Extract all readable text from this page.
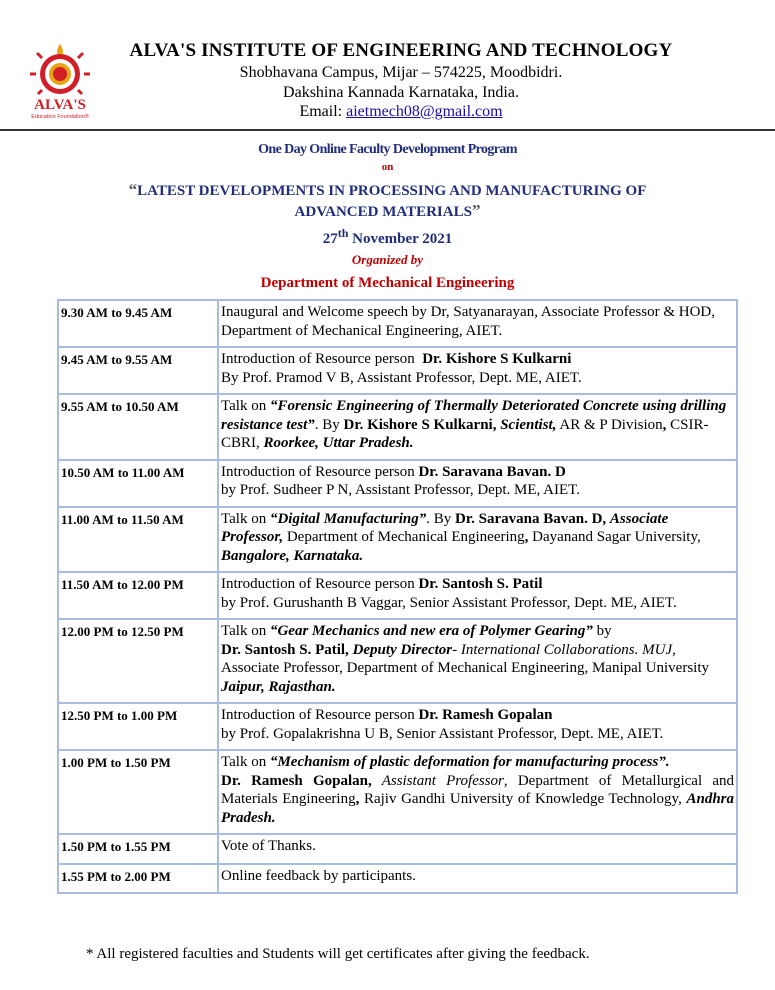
ALVA'S
Education Foundation®
ALVA'S INSTITUTE OF ENGINEERING AND TECHNOLOGY
Shobhavana Campus, Mijar – 574225, Moodbidri.
Dakshina Kannada Karnataka, India.
Email: aietmech08@gmail.com
One Day Online Faculty Development Program
on
“LATEST DEVELOPMENTS IN PROCESSING AND MANUFACTURING OF
ADVANCED MATERIALS”
27th November 2021
Organized by
Department of Mechanical Engineering
9.30 AM to 9.45 AM	Inaugural and Welcome speech by Dr, Satyanarayan, Associate Professor & HOD, Department of Mechanical Engineering, AIET.
9.45 AM to 9.55 AM	Introduction of Resource person  Dr. Kishore S Kulkarni
By Prof. Pramod V B, Assistant Professor, Dept. ME, AIET.
9.55 AM to 10.50 AM	Talk on “Forensic Engineering of Thermally Deteriorated Concrete using drilling resistance test”. By Dr. Kishore S Kulkarni, Scientist, AR & P Division, CSIR-CBRI, Roorkee, Uttar Pradesh.
10.50 AM to 11.00 AM	Introduction of Resource person Dr. Saravana Bavan. D
by Prof. Sudheer P N, Assistant Professor, Dept. ME, AIET.
11.00 AM to 11.50 AM	Talk on “Digital Manufacturing”. By Dr. Saravana Bavan. D, Associate Professor, Department of Mechanical Engineering, Dayanand Sagar University, Bangalore, Karnataka.
11.50 AM to 12.00 PM	Introduction of Resource person Dr. Santosh S. Patil
by Prof. Gurushanth B Vaggar, Senior Assistant Professor, Dept. ME, AIET.
12.00 PM to 12.50 PM	Talk on “Gear Mechanics and new era of Polymer Gearing” by
Dr. Santosh S. Patil, Deputy Director- International Collaborations. MUJ, Associate Professor, Department of Mechanical Engineering, Manipal University Jaipur, Rajasthan.
12.50 PM to 1.00 PM	Introduction of Resource person Dr. Ramesh Gopalan
by Prof. Gopalakrishna U B, Senior Assistant Professor, Dept. ME, AIET.
1.00 PM to 1.50 PM	Talk on “Mechanism of plastic deformation for manufacturing process”.
Dr. Ramesh Gopalan, Assistant Professor, Department of Metallurgical and Materials Engineering, Rajiv Gandhi University of Knowledge Technology, Andhra Pradesh.
1.50 PM to 1.55 PM	Vote of Thanks.
1.55 PM to 2.00 PM	Online feedback by participants.
* All registered faculties and Students will get certificates after giving the feedback.
